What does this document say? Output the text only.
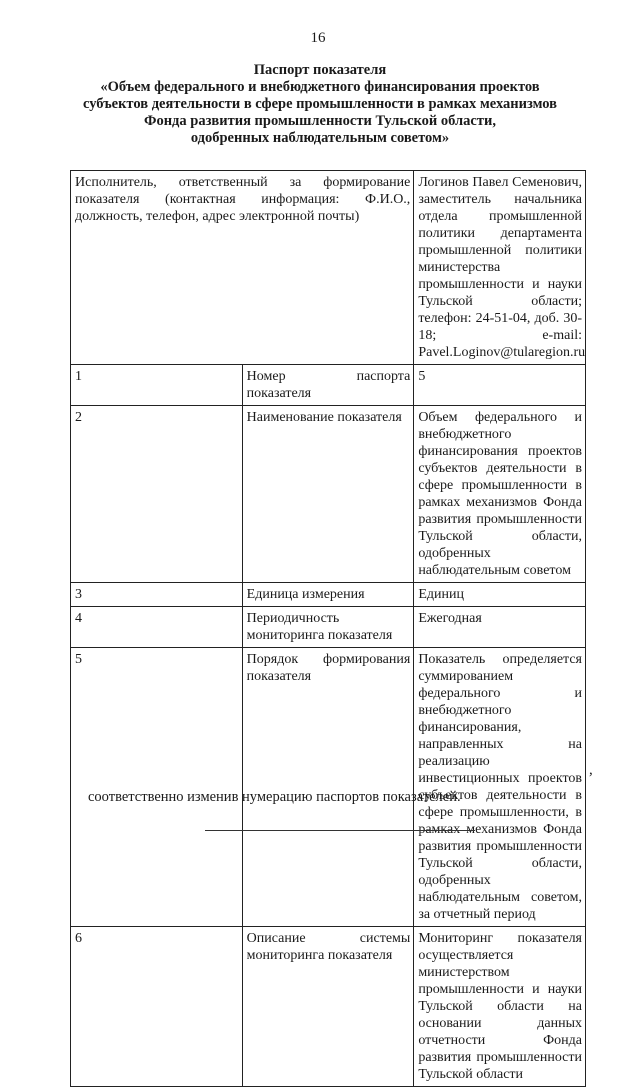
16
Паспорт показателя
«Объем федерального и внебюджетного финансирования проектов
субъектов деятельности в сфере промышленности в рамках механизмов
Фонда развития промышленности Тульской области,
одобренных наблюдательным советом»
Исполнитель, ответственный за формирование показателя (контактная информация: Ф.И.О., должность, телефон, адрес электронной почты)		Логинов Павел Семенович, заместитель начальника отдела промышленной политики департамента промышленной политики министерства промышленности и науки Тульской области; телефон: 24-51-04, доб. 30-18; e-mail: Pavel.Loginov@tularegion.ru
1	Номер паспорта показателя	5
2	Наименование показателя	Объем федерального и внебюджетного финансирования проектов субъектов деятельности в сфере промышленности в рамках механизмов Фонда развития промышленности Тульской области, одобренных наблюдательным советом
3	Единица измерения	Единиц
4	Периодичность мониторинга показателя	Ежегодная
5	Порядок формирования показателя	Показатель определяется суммированием федерального и внебюджетного финансирования, направленных на реализацию инвестиционных проектов субъектов деятельности в сфере промышленности, в рамках механизмов Фонда развития промышленности Тульской области, одобренных наблюдательным советом, за отчетный период
6	Описание системы мониторинга показателя	Мониторинг показателя осуществляется министерством промышленности и науки Тульской области на основании данных отчетности Фонда развития промышленности Тульской области
,
соответственно изменив нумерацию паспортов показателей.
